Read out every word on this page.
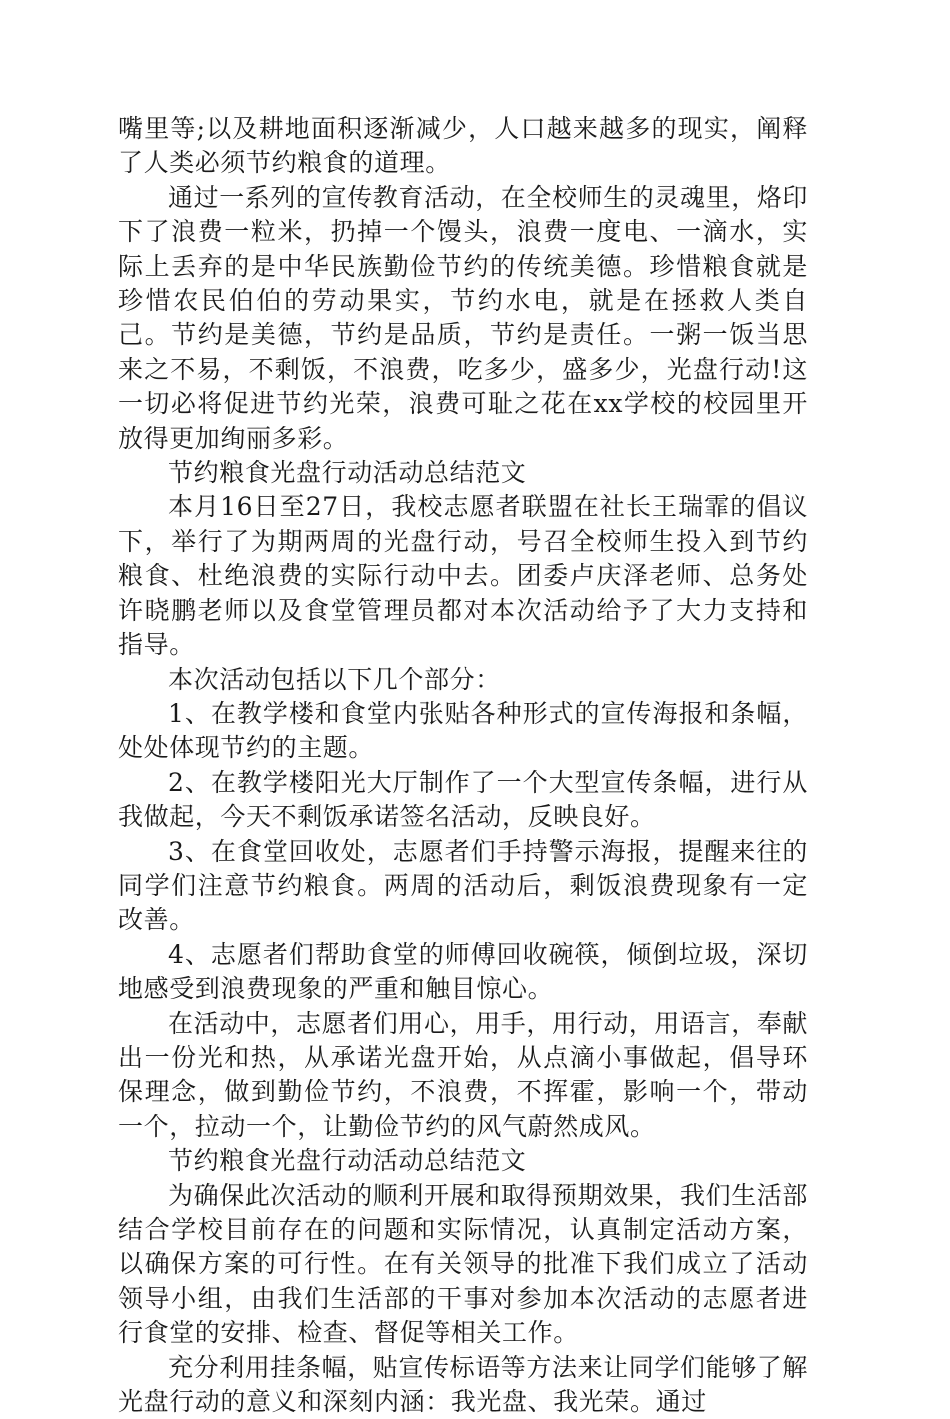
嘴里等;以及耕地面积逐渐减少，人口越来越多的现实，阐释了人类必须节约粮食的道理。

通过一系列的宣传教育活动，在全校师生的灵魂里，烙印下了浪费一粒米，扔掉一个馒头，浪费一度电、一滴水，实际上丢弃的是中华民族勤俭节约的传统美德。珍惜粮食就是珍惜农民伯伯的劳动果实，节约水电，就是在拯救人类自己。节约是美德，节约是品质，节约是责任。一粥一饭当思来之不易，不剩饭，不浪费，吃多少，盛多少，光盘行动!这一切必将促进节约光荣，浪费可耻之花在xx学校的校园里开放得更加绚丽多彩。

节约粮食光盘行动活动总结范文

本月16日至27日，我校志愿者联盟在社长王瑞霏的倡议下，举行了为期两周的光盘行动，号召全校师生投入到节约粮食、杜绝浪费的实际行动中去。团委卢庆泽老师、总务处许晓鹏老师以及食堂管理员都对本次活动给予了大力支持和指导。

本次活动包括以下几个部分：

1、在教学楼和食堂内张贴各种形式的宣传海报和条幅，处处体现节约的主题。

2、在教学楼阳光大厅制作了一个大型宣传条幅，进行从我做起，今天不剩饭承诺签名活动，反映良好。

3、在食堂回收处，志愿者们手持警示海报，提醒来往的同学们注意节约粮食。两周的活动后，剩饭浪费现象有一定改善。

4、志愿者们帮助食堂的师傅回收碗筷，倾倒垃圾，深切地感受到浪费现象的严重和触目惊心。

在活动中，志愿者们用心，用手，用行动，用语言，奉献出一份光和热，从承诺光盘开始，从点滴小事做起，倡导环保理念，做到勤俭节约，不浪费，不挥霍，影响一个，带动一个，拉动一个，让勤俭节约的风气蔚然成风。

节约粮食光盘行动活动总结范文

为确保此次活动的顺利开展和取得预期效果，我们生活部结合学校目前存在的问题和实际情况，认真制定活动方案，以确保方案的可行性。在有关领导的批准下我们成立了活动领导小组，由我们生活部的干事对参加本次活动的志愿者进行食堂的安排、检查、督促等相关工作。

充分利用挂条幅，贴宣传标语等方法来让同学们能够了解光盘行动的意义和深刻内涵：我光盘、我光荣。通过
